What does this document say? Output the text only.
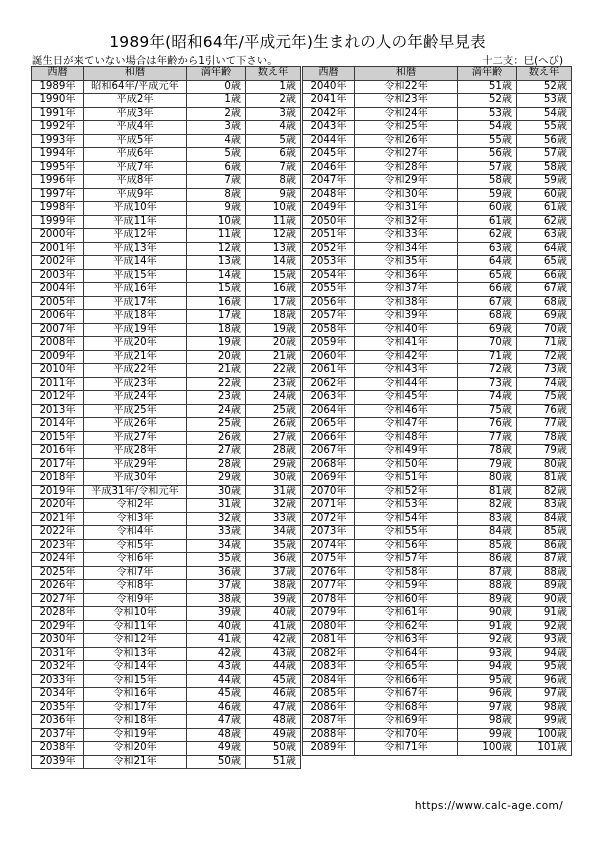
1989年(昭和64年/平成元年)生まれの人の年齢早見表
誕生日が来ていない場合は年齢から1引いて下さい。	十二支：巳(へび)
西暦	和暦	満年齢	数え年
1989年	昭和64年/平成元年	0歳	1歳
1990年	平成2年	1歳	2歳
1991年	平成3年	2歳	3歳
1992年	平成4年	3歳	4歳
1993年	平成5年	4歳	5歳
1994年	平成6年	5歳	6歳
1995年	平成7年	6歳	7歳
1996年	平成8年	7歳	8歳
1997年	平成9年	8歳	9歳
1998年	平成10年	9歳	10歳
1999年	平成11年	10歳	11歳
2000年	平成12年	11歳	12歳
2001年	平成13年	12歳	13歳
2002年	平成14年	13歳	14歳
2003年	平成15年	14歳	15歳
2004年	平成16年	15歳	16歳
2005年	平成17年	16歳	17歳
2006年	平成18年	17歳	18歳
2007年	平成19年	18歳	19歳
2008年	平成20年	19歳	20歳
2009年	平成21年	20歳	21歳
2010年	平成22年	21歳	22歳
2011年	平成23年	22歳	23歳
2012年	平成24年	23歳	24歳
2013年	平成25年	24歳	25歳
2014年	平成26年	25歳	26歳
2015年	平成27年	26歳	27歳
2016年	平成28年	27歳	28歳
2017年	平成29年	28歳	29歳
2018年	平成30年	29歳	30歳
2019年	平成31年/令和元年	30歳	31歳
2020年	令和2年	31歳	32歳
2021年	令和3年	32歳	33歳
2022年	令和4年	33歳	34歳
2023年	令和5年	34歳	35歳
2024年	令和6年	35歳	36歳
2025年	令和7年	36歳	37歳
2026年	令和8年	37歳	38歳
2027年	令和9年	38歳	39歳
2028年	令和10年	39歳	40歳
2029年	令和11年	40歳	41歳
2030年	令和12年	41歳	42歳
2031年	令和13年	42歳	43歳
2032年	令和14年	43歳	44歳
2033年	令和15年	44歳	45歳
2034年	令和16年	45歳	46歳
2035年	令和17年	46歳	47歳
2036年	令和18年	47歳	48歳
2037年	令和19年	48歳	49歳
2038年	令和20年	49歳	50歳
2039年	令和21年	50歳	51歳
西暦	和暦	満年齢	数え年
2040年	令和22年	51歳	52歳
2041年	令和23年	52歳	53歳
2042年	令和24年	53歳	54歳
2043年	令和25年	54歳	55歳
2044年	令和26年	55歳	56歳
2045年	令和27年	56歳	57歳
2046年	令和28年	57歳	58歳
2047年	令和29年	58歳	59歳
2048年	令和30年	59歳	60歳
2049年	令和31年	60歳	61歳
2050年	令和32年	61歳	62歳
2051年	令和33年	62歳	63歳
2052年	令和34年	63歳	64歳
2053年	令和35年	64歳	65歳
2054年	令和36年	65歳	66歳
2055年	令和37年	66歳	67歳
2056年	令和38年	67歳	68歳
2057年	令和39年	68歳	69歳
2058年	令和40年	69歳	70歳
2059年	令和41年	70歳	71歳
2060年	令和42年	71歳	72歳
2061年	令和43年	72歳	73歳
2062年	令和44年	73歳	74歳
2063年	令和45年	74歳	75歳
2064年	令和46年	75歳	76歳
2065年	令和47年	76歳	77歳
2066年	令和48年	77歳	78歳
2067年	令和49年	78歳	79歳
2068年	令和50年	79歳	80歳
2069年	令和51年	80歳	81歳
2070年	令和52年	81歳	82歳
2071年	令和53年	82歳	83歳
2072年	令和54年	83歳	84歳
2073年	令和55年	84歳	85歳
2074年	令和56年	85歳	86歳
2075年	令和57年	86歳	87歳
2076年	令和58年	87歳	88歳
2077年	令和59年	88歳	89歳
2078年	令和60年	89歳	90歳
2079年	令和61年	90歳	91歳
2080年	令和62年	91歳	92歳
2081年	令和63年	92歳	93歳
2082年	令和64年	93歳	94歳
2083年	令和65年	94歳	95歳
2084年	令和66年	95歳	96歳
2085年	令和67年	96歳	97歳
2086年	令和68年	97歳	98歳
2087年	令和69年	98歳	99歳
2088年	令和70年	99歳	100歳
2089年	令和71年	100歳	101歳
https://www.calc-age.com/
